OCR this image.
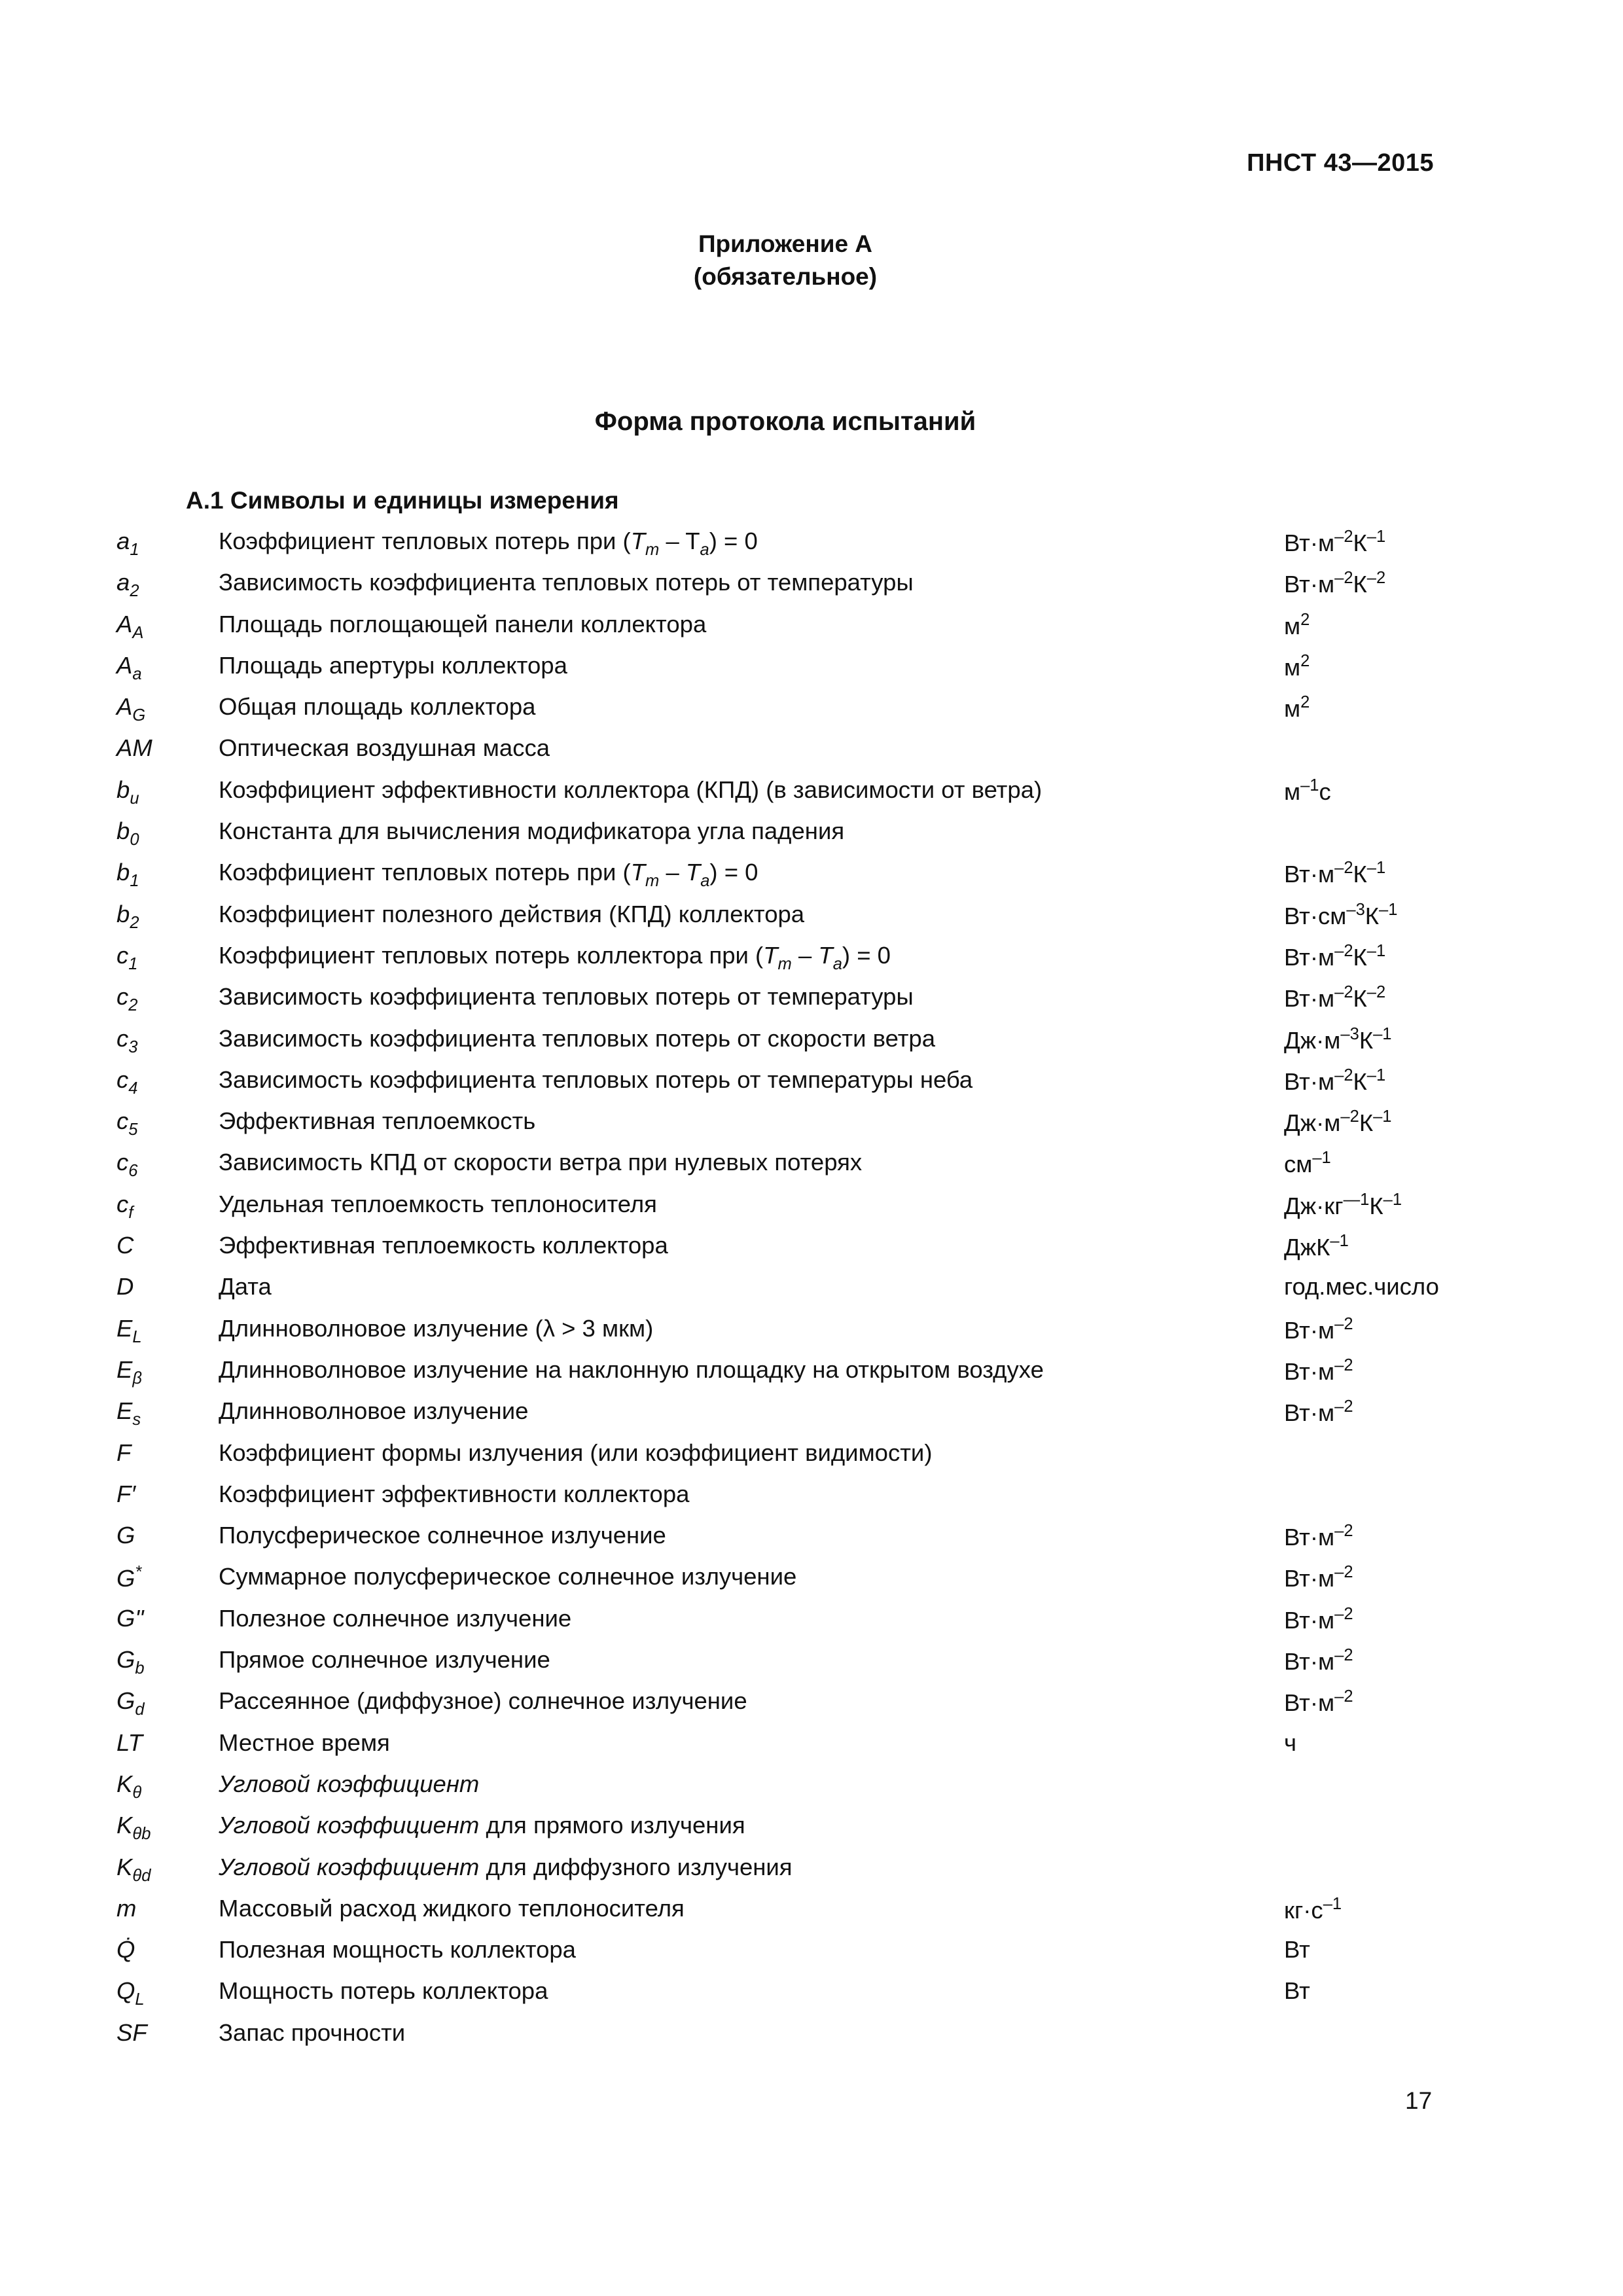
ПНСТ 43—2015
Приложение А
(обязательное)
Форма протокола испытаний
А.1 Символы и единицы измерения
$a_1$	Коэффициент тепловых потерь при $(T_m - T_a) = 0$	$Вт\cdot м^{-2}К^{-1}$
$a_2$	Зависимость коэффициента тепловых потерь от температуры	$Вт\cdot м^{-2}К^{-2}$
$A_A$	Площадь поглощающей панели коллектора	$м^2$
$A_a$	Площадь апертуры коллектора	$м^2$
$A_G$	Общая площадь коллектора	$м^2$
AM	Оптическая воздушная масса
$b_u$	Коэффициент эффективности коллектора (КПД) (в зависимости от ветра)	$м^{-1}с$
$b_0$	Константа для вычисления модификатора угла падения
$b_1$	Коэффициент тепловых потерь при $(T_m - T_a) = 0$	$Вт\cdot м^{-2}К^{-1}$
$b_2$	Коэффициент полезного действия (КПД) коллектора	$Вт\cdot см^{-3}К^{-1}$
$c_1$	Коэффициент тепловых потерь коллектора при $(T_m - T_a) = 0$	$Вт\cdot м^{-2}К^{-1}$
$c_2$	Зависимость коэффициента тепловых потерь от температуры	$Вт\cdot м^{-2}К^{-2}$
$c_3$	Зависимость коэффициента тепловых потерь от скорости ветра	$Дж\cdot м^{-3}К^{-1}$
$c_4$	Зависимость коэффициента тепловых потерь от температуры неба	$Вт\cdot м^{-2}К^{-1}$
$c_5$	Эффективная теплоемкость	$Дж\cdot м^{-2}К^{-1}$
$c_6$	Зависимость КПД от скорости ветра при нулевых потерях	$см^{-1}$
$c_f$	Удельная теплоемкость теплоносителя	$Дж\cdot кг^{—1}К^{-1}$
C	Эффективная теплоемкость коллектора	ДжК$^{-1}$
D	Дата	год.мес.число
$E_L$	Длинноволновое излучение (λ > 3 мкм)	$Вт\cdot м^{-2}$
$E_\beta$	Длинноволновое излучение на наклонную площадку на открытом воздухе	$Вт\cdot м^{-2}$
$E_s$	Длинноволновое излучение	$Вт\cdot м^{-2}$
F	Коэффициент формы излучения (или коэффициент видимости)
F′	Коэффициент эффективности коллектора
G	Полусферическое солнечное излучение	$Вт\cdot м^{-2}$
G*	Суммарное полусферическое солнечное излучение	$Вт\cdot м^{-2}$
G"	Полезное солнечное излучение	$Вт\cdot м^{-2}$
$G_b$	Прямое солнечное излучение	$Вт\cdot м^{-2}$
$G_d$	Рассеянное (диффузное) солнечное излучение	$Вт\cdot м^{-2}$
LT	Местное время	ч
$K_\theta$	Угловой коэффициент
$K_{\theta b}$	Угловой коэффициент для прямого излучения
$K_{\theta d}$	Угловой коэффициент для диффузного излучения
m	Массовый расход жидкого теплоносителя	$кг\cdot с^{-1}$
Q̇	Полезная мощность коллектора	Вт
$Q_L$	Мощность потерь коллектора	Вт
SF	Запас прочности
17
